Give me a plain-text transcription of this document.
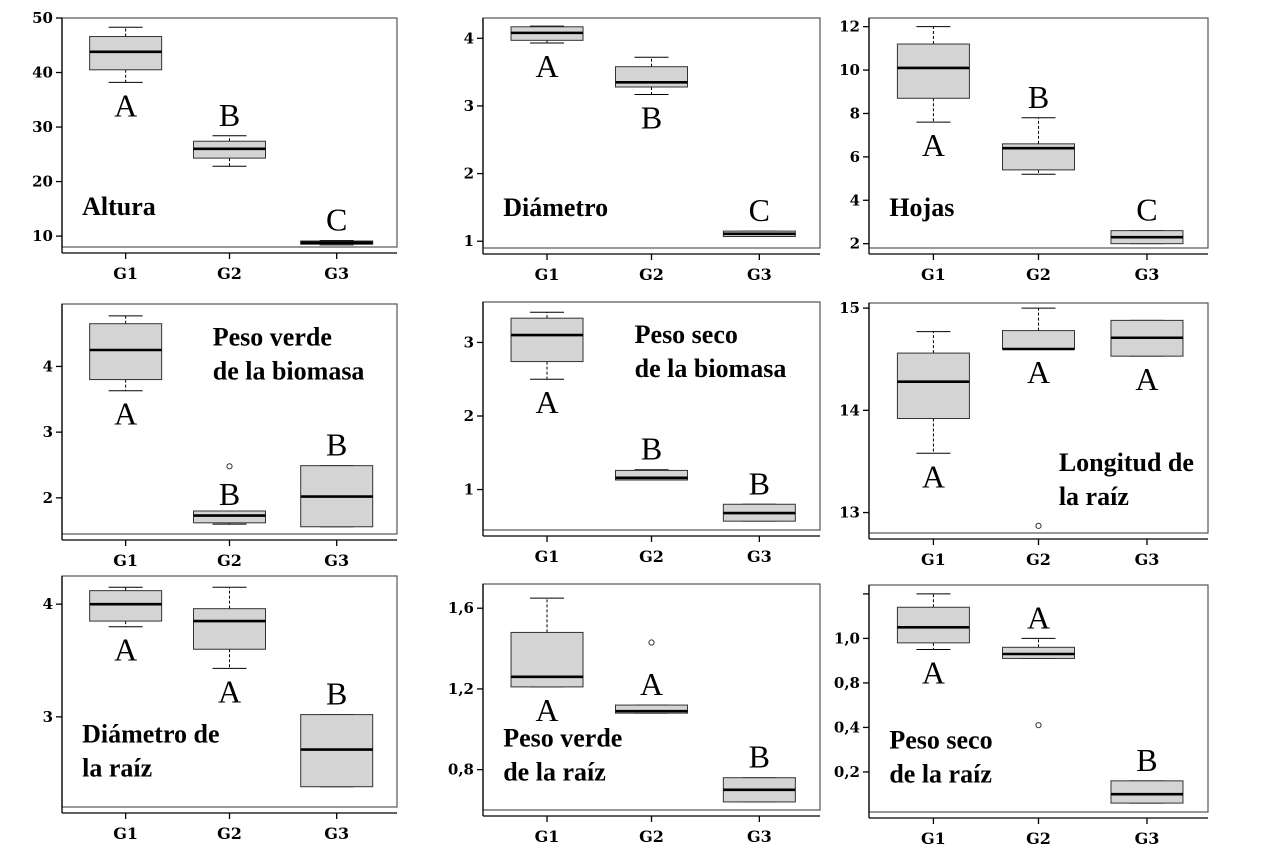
10
20
30
40
50
G1	G2	G3
A	B
C
Altura
1
2
3
4
G1	G2	G3
A
B
C
Diámetro
2
4
6
8
10
12
G1	G2	G3
A
B
C
Hojas
2
3
4
G1	G2	G3
A
B
B
Peso verde
de la biomasa
1
2
3
G1	G2	G3
A
B
B
Peso seco
de la biomasa
13
14
15
G1	G2	G3
A
A	A
Longitud de
la raíz
3
4
G1	G2	G3
A
A	B
Diámetro de
la raíz	0,8
1,2
1,6
G1	G2	G3
A
A
B
Peso verde
de la raíz	0,2
0,4
0,8
1,0
G1	G2	G3
A
A
B
Peso seco
de la raíz
